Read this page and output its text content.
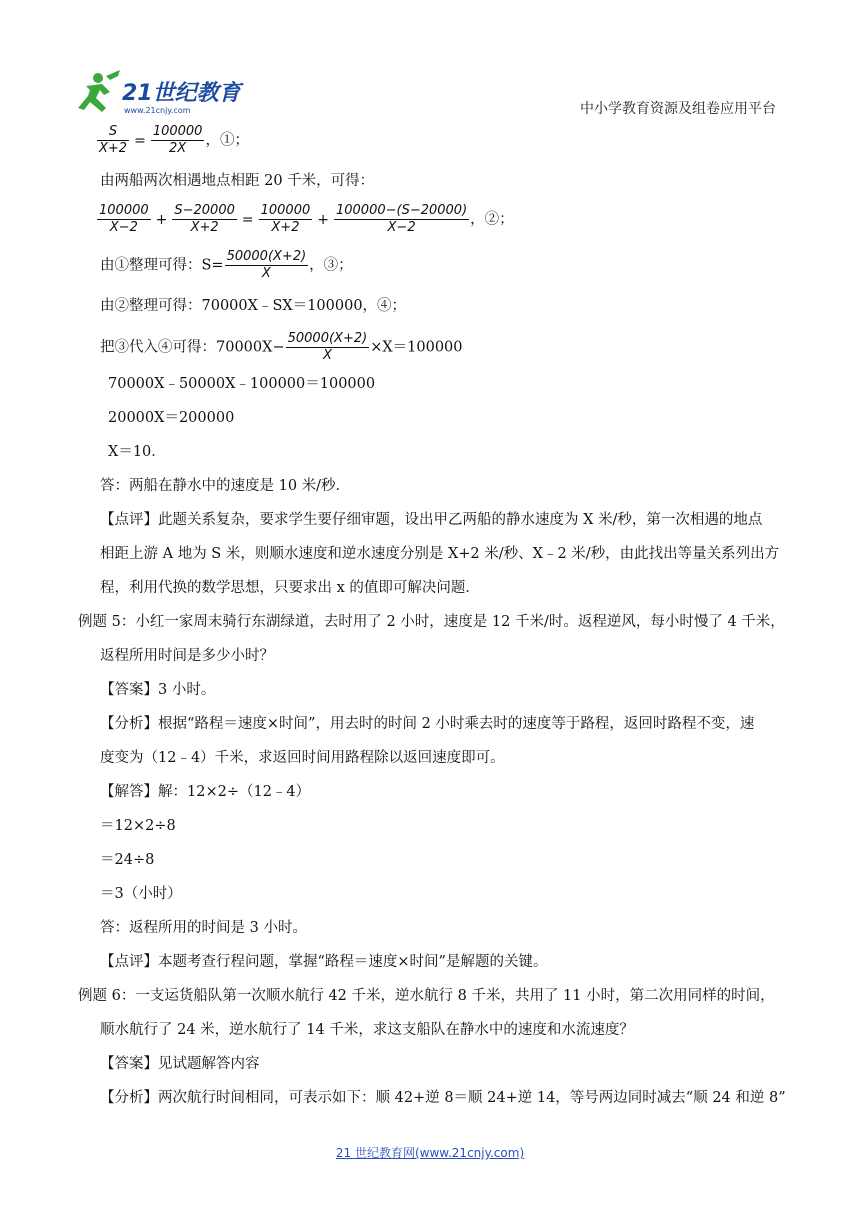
21世纪教育
www.21cnjy.com	中小学教育资源及组卷应用平台
$\frac{S}{X+2} = \frac{100000}{2X}$ ，①；
由两船两次相遇地点相距 20 千米，可得：
$\frac{100000}{X-2} + \frac{S-20000}{X+2} = \frac{100000}{X+2} + \frac{100000-(S-20000)}{X-2}$ ，②；
由①整理可得：$S= \frac{50000(X+2)}{X}$ ，③；
由②整理可得：70000X﹣SX＝100000，④；
把③代入④可得：$70000X- \frac{50000(X+2)}{X} \times X=100000$
70000X﹣50000X﹣100000＝100000
20000X＝200000
X＝10．
答：两船在静水中的速度是 10 米/秒．
【点评】此题关系复杂，要求学生要仔细审题，设出甲乙两船的静水速度为 X 米/秒，第一次相遇的地点
相距上游 A 地为 S 米，则顺水速度和逆水速度分别是 X+2 米/秒、X﹣2 米/秒，由此找出等量关系列出方
程，利用代换的数学思想，只要求出 x 的值即可解决问题．
例题 5：小红一家周末骑行东湖绿道，去时用了 2 小时，速度是 12 千米/时。返程逆风，每小时慢了 4 千米，
返程所用时间是多少小时？
【答案】3 小时。
【分析】根据“路程＝速度×时间”，用去时的时间 2 小时乘去时的速度等于路程，返回时路程不变，速
度变为（12﹣4）千米，求返回时间用路程除以返回速度即可。
【解答】解：12×2÷（12﹣4）
＝12×2÷8
＝24÷8
＝3（小时）
答：返程所用的时间是 3 小时。
【点评】本题考查行程问题，掌握“路程＝速度×时间”是解题的关键。
例题 6：一支运货船队第一次顺水航行 42 千米，逆水航行 8 千米，共用了 11 小时，第二次用同样的时间，
顺水航行了 24 米，逆水航行了 14 千米，求这支船队在静水中的速度和水流速度？
【答案】见试题解答内容
【分析】两次航行时间相同，可表示如下：顺 42+逆 8＝顺 24+逆 14，等号两边同时减去“顺 24 和逆 8”
21 世纪教育网(www.21cnjy.com)
